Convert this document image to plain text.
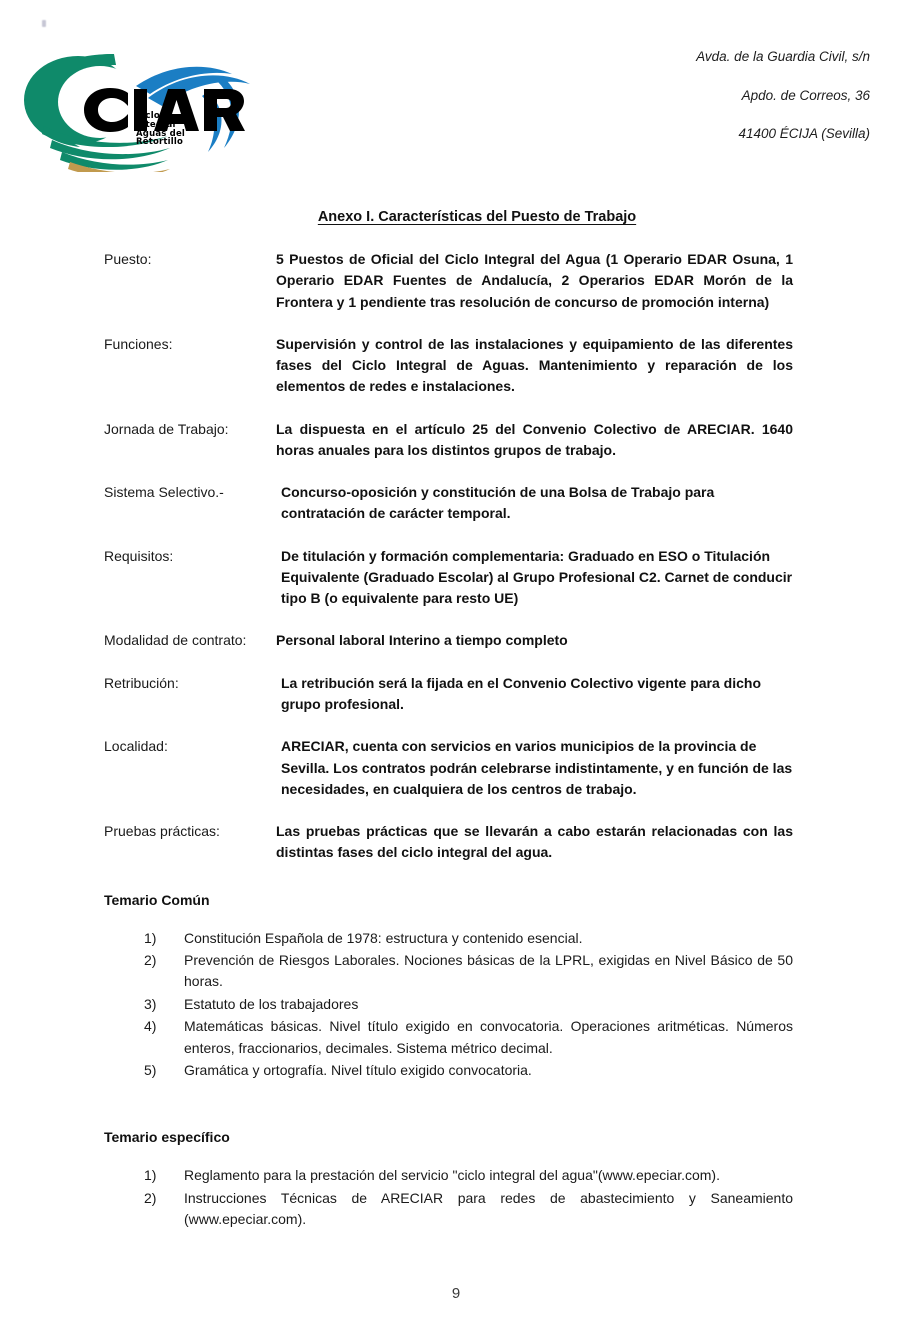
Ciclo
Integral
Aguas del
Retortillo
Avda. de la Guardia Civil, s/n
Apdo. de Correos, 36
41400 ÉCIJA (Sevilla)
Anexo I. Características del Puesto de Trabajo
Puesto:	5 Puestos de Oficial del Ciclo Integral del Agua (1 Operario EDAR Osuna, 1 Operario EDAR Fuentes de Andalucía, 2 Operarios EDAR Morón de la Frontera y 1 pendiente tras resolución de concurso de promoción interna)
Funciones:	Supervisión y control de las instalaciones y equipamiento de las diferentes fases del Ciclo Integral de Aguas. Mantenimiento y reparación de los elementos de redes e instalaciones.
Jornada de Trabajo:	La dispuesta en el artículo 25 del Convenio Colectivo de ARECIAR. 1640 horas anuales para los distintos grupos de trabajo.
Sistema Selectivo.-	Concurso-oposición y constitución de una Bolsa de Trabajo para contratación de carácter temporal.
Requisitos:	De titulación y formación complementaria: Graduado en ESO o Titulación Equivalente (Graduado Escolar) al Grupo Profesional C2. Carnet de conducir tipo B (o equivalente para resto UE)
Modalidad de contrato:	Personal laboral Interino a tiempo completo
Retribución:	La retribución será la fijada en el Convenio Colectivo vigente para dicho grupo profesional.
Localidad:	ARECIAR, cuenta con servicios en varios municipios de la provincia de Sevilla. Los contratos podrán celebrarse indistintamente, y en función de las necesidades, en cualquiera de los centros de trabajo.
Pruebas prácticas:	Las pruebas prácticas que se llevarán a cabo estarán relacionadas con las distintas fases del ciclo integral del agua.
Temario Común
1)	Constitución Española de 1978: estructura y contenido esencial.
2)	Prevención de Riesgos Laborales. Nociones básicas de la LPRL, exigidas en Nivel Básico de 50 horas.
3)	Estatuto de los trabajadores
4)	Matemáticas básicas. Nivel título exigido en convocatoria. Operaciones aritméticas. Números enteros, fraccionarios, decimales. Sistema métrico decimal.
5)	Gramática y ortografía. Nivel título exigido convocatoria.
Temario específico
1)	Reglamento para la prestación del servicio "ciclo integral del agua"(www.epeciar.com).
2)	Instrucciones Técnicas de ARECIAR para redes de abastecimiento y Saneamiento (www.epeciar.com).
9
